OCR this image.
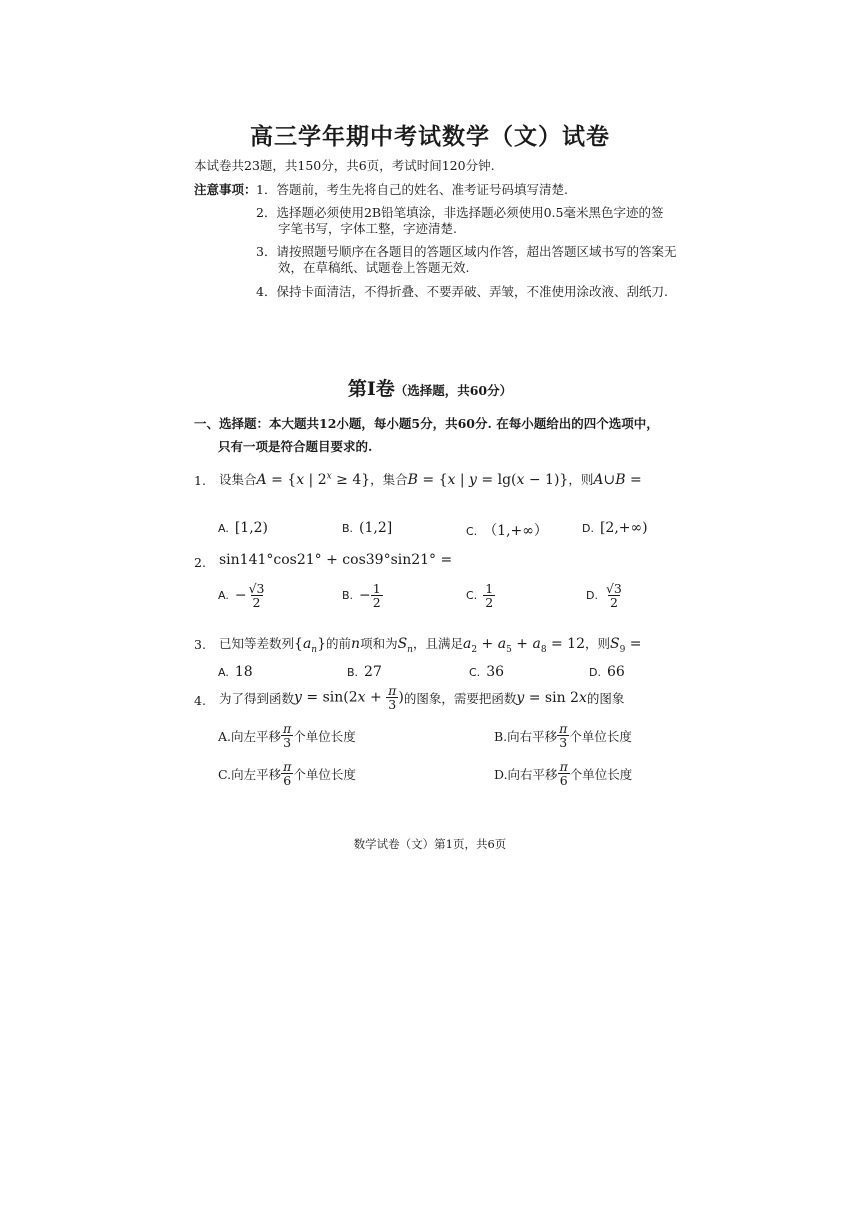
高三学年期中考试数学（文）试卷
本试卷共23题，共150分，共6页，考试时间120分钟.
注意事项： 1．答题前，考生先将自己的姓名、准考证号码填写清楚.
2．选择题必须使用2B铅笔填涂，非选择题必须使用0.5毫米黑色字迹的签
字笔书写，字体工整，字迹清楚.
3．请按照题号顺序在各题目的答题区域内作答，超出答题区域书写的答案无
效，在草稿纸、试题卷上答题无效.
4．保持卡面清洁，不得折叠、不要弄破、弄皱，不准使用涂改液、刮纸刀.
第Ⅰ卷（选择题，共60分）
一、选择题：本大题共12小题，每小题5分，共60分. 在每小题给出的四个选项中，
只有一项是符合题目要求的.
1. 设集合A = {x | $2^x \ge 4$}，集合B = {x | y = lg(x − 1)}，则A∪B =
A. [1,2)	B. (1,2]	C. （1,+∞）	D. [2,+∞)
2. sin141°cos21° + cos39°sin21° =
A. − $\frac{√3}{2}$	B. − $\frac{1}{2}$	C. $\frac{1}{2}$	D. $\frac{√3}{2}$
3. 已知等差数列$\{a_n\}$的前n项和为$S_n$，且满足$a_2 + a_5 + a_8 = 12$，则$S_9$ =
A. 18	B. 27	C. 36	D. 66
4. 为了得到函数 $y = \sin(2x + \frac{\pi}{3}$ ) 的图象，需要把函数 y = sin 2x 的图象
A.向左平移 $\frac{\pi}{3}$ 个单位长度	B.向右平移 $\frac{\pi}{3}$ 个单位长度
C.向左平移 $\frac{\pi}{6}$ 个单位长度	D.向右平移 $\frac{\pi}{6}$ 个单位长度
数学试卷（文）第1页，共6页
